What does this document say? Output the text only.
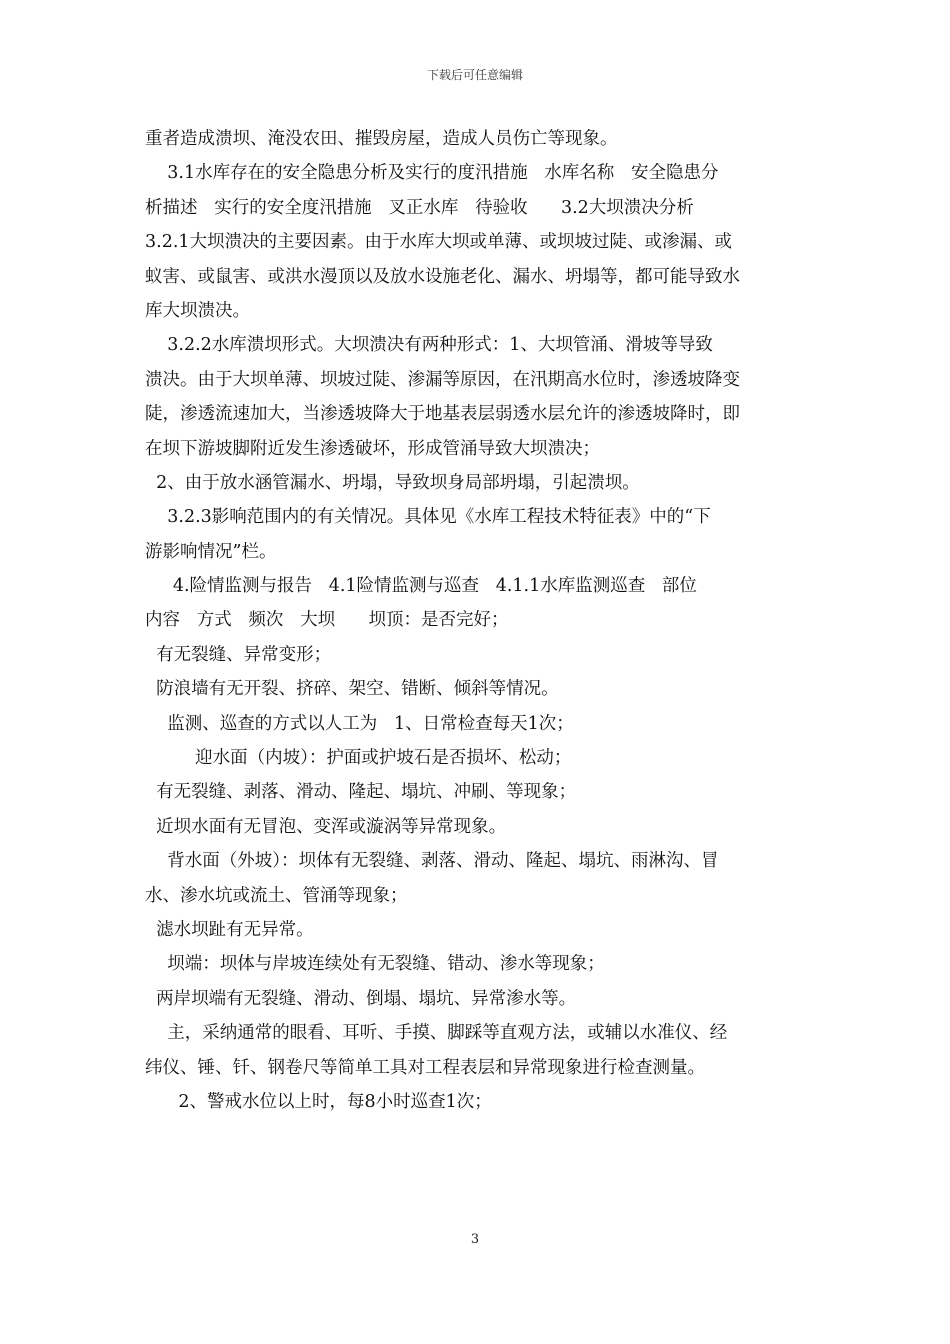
下载后可任意编辑
重者造成溃坝、淹没农田、摧毁房屋，造成人员伤亡等现象。
3.1水库存在的安全隐患分析及实行的度汛措施   水库名称   安全隐患分
析描述   实行的安全度汛措施   叉正水库   待验收      3.2大坝溃决分析
3.2.1大坝溃决的主要因素。由于水库大坝或单薄、或坝坡过陡、或渗漏、或
蚁害、或鼠害、或洪水漫顶以及放水设施老化、漏水、坍塌等，都可能导致水
库大坝溃决。
3.2.2水库溃坝形式。大坝溃决有两种形式：1、大坝管涌、滑坡等导致
溃决。由于大坝单薄、坝坡过陡、渗漏等原因，在汛期高水位时，渗透坡降变
陡，渗透流速加大，当渗透坡降大于地基表层弱透水层允许的渗透坡降时，即
在坝下游坡脚附近发生渗透破坏，形成管涌导致大坝溃决；
2、由于放水涵管漏水、坍塌，导致坝身局部坍塌，引起溃坝。
3.2.3影响范围内的有关情况。具体见《水库工程技术特征表》中的“下
游影响情况”栏。
4.险情监测与报告   4.1险情监测与巡查   4.1.1水库监测巡查   部位
内容   方式   频次   大坝      坝顶：是否完好；
有无裂缝、异常变形；
防浪墙有无开裂、挤碎、架空、错断、倾斜等情况。
监测、巡查的方式以人工为   1、日常检查每天1次；
迎水面（内坡）：护面或护坡石是否损坏、松动；
有无裂缝、剥落、滑动、隆起、塌坑、冲刷、等现象；
近坝水面有无冒泡、变浑或漩涡等异常现象。
背水面（外坡）：坝体有无裂缝、剥落、滑动、隆起、塌坑、雨淋沟、冒
水、渗水坑或流土、管涌等现象；
滤水坝趾有无异常。
坝端：坝体与岸坡连续处有无裂缝、错动、渗水等现象；
两岸坝端有无裂缝、滑动、倒塌、塌坑、异常渗水等。
主，采纳通常的眼看、耳听、手摸、脚踩等直观方法，或辅以水准仪、经
纬仪、锤、钎、钢卷尺等简单工具对工程表层和异常现象进行检查测量。
2、警戒水位以上时，每8小时巡查1次；
3
